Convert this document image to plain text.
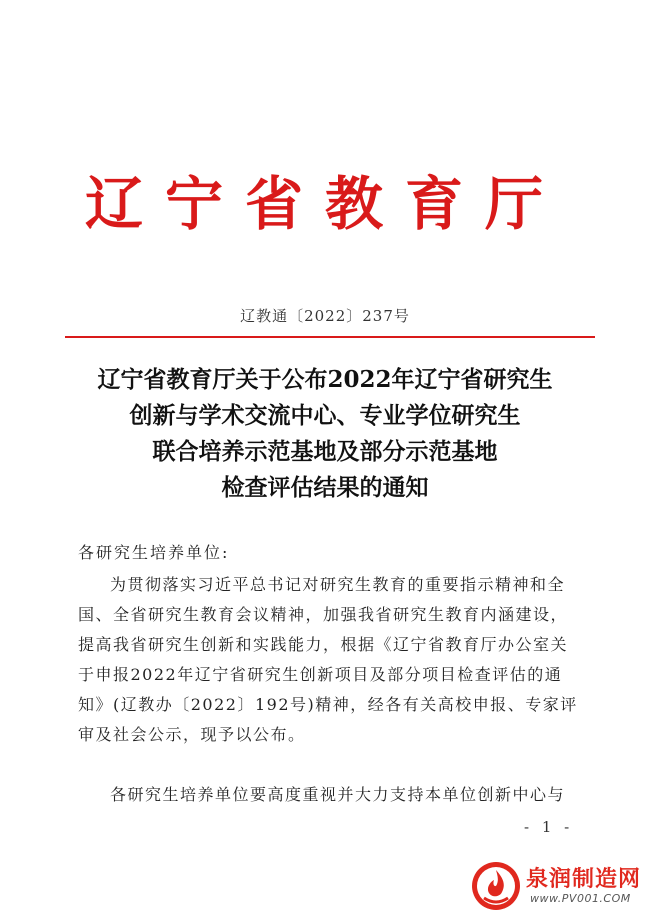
辽宁省教育厅
辽教通〔2022〕237号
辽宁省教育厅关于公布2022年辽宁省研究生
创新与学术交流中心、专业学位研究生
联合培养示范基地及部分示范基地
检查评估结果的通知
各研究生培养单位:
为贯彻落实习近平总书记对研究生教育的重要指示精神和全
国、全省研究生教育会议精神，加强我省研究生教育内涵建设，
提高我省研究生创新和实践能力，根据《辽宁省教育厅办公室关
于申报2022年辽宁省研究生创新项目及部分项目检查评估的通
知》(辽教办〔2022〕192号)精神，经各有关高校申报、专家评
审及社会公示，现予以公布。
各研究生培养单位要高度重视并大力支持本单位创新中心与
- 1 -
泉润制造网
www.PV001.COM
